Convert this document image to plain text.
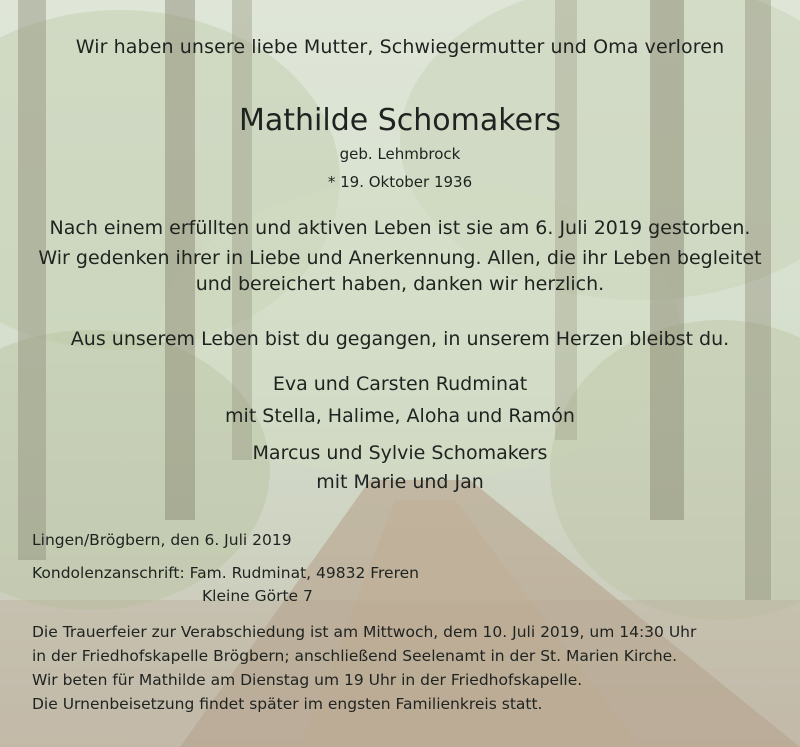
Wir haben unsere liebe Mutter, Schwiegermutter und Oma verloren
Mathilde Schomakers
geb. Lehmbrock
* 19. Oktober 1936
Nach einem erfüllten und aktiven Leben ist sie am 6. Juli 2019 gestorben.
Wir gedenken ihrer in Liebe und Anerkennung. Allen, die ihr Leben begleitet
und bereichert haben, danken wir herzlich.
Aus unserem Leben bist du gegangen, in unserem Herzen bleibst du.
Eva und Carsten Rudminat
mit Stella, Halime, Aloha und Ramón
Marcus und Sylvie Schomakers
mit Marie und Jan
Lingen/Brögbern, den 6. Juli 2019
Kondolenzanschrift: Fam. Rudminat, 49832 Freren
Kleine Görte 7
Die Trauerfeier zur Verabschiedung ist am Mittwoch, dem 10. Juli 2019, um 14:30 Uhr
in der Friedhofskapelle Brögbern; anschließend Seelenamt in der St. Marien Kirche.
Wir beten für Mathilde am Dienstag um 19 Uhr in der Friedhofskapelle.
Die Urnenbeisetzung findet später im engsten Familienkreis statt.
